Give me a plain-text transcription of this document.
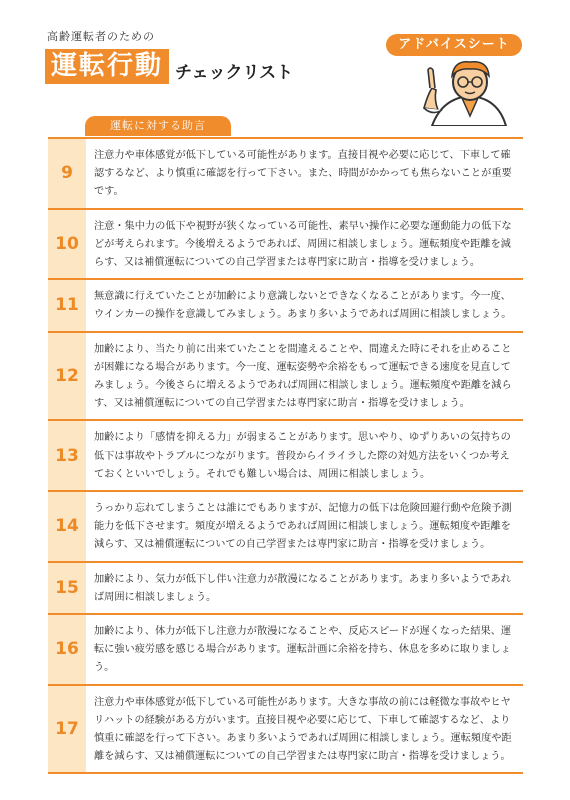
高齢運転者のための
運転行動 チェックリスト
アドバイスシート
運転に対する助言
9
注意力や車体感覚が低下している可能性があります。直接目視や必要に応じて、下車して確認するなど、より慎重に確認を行って下さい。また、時間がかかっても焦らないことが重要です。
10
注意・集中力の低下や視野が狭くなっている可能性、素早い操作に必要な運動能力の低下などが考えられます。今後増えるようであれば、周囲に相談しましょう。運転頻度や距離を減らす、又は補償運転についての自己学習または専門家に助言・指導を受けましょう。
11	無意識に行えていたことが加齢により意識しないとできなくなることがあります。今一度、ウインカーの操作を意識してみましょう。あまり多いようであれば周囲に相談しましょう。
12
加齢により、当たり前に出来ていたことを間違えることや、間違えた時にそれを止めることが困難になる場合があります。今一度、運転姿勢や余裕をもって運転できる速度を見直してみましょう。今後さらに増えるようであれば周囲に相談しましょう。運転頻度や距離を減らす、又は補償運転についての自己学習または専門家に助言・指導を受けましょう。
13
加齢により「感情を抑える力」が弱まることがあります。思いやり、ゆずりあいの気持ちの低下は事故やトラブルにつながります。普段からイライラした際の対処方法をいくつか考えておくといいでしょう。それでも難しい場合は、周囲に相談しましょう。
14
うっかり忘れてしまうことは誰にでもありますが、記憶力の低下は危険回避行動や危険予測能力を低下させます。頻度が増えるようであれば周囲に相談しましょう。運転頻度や距離を減らす、又は補償運転についての自己学習または専門家に助言・指導を受けましょう。
15	加齢により、気力が低下し伴い注意力が散漫になることがあります。あまり多いようであれば周囲に相談しましょう。
16
加齢により、体力が低下し注意力が散漫になることや、反応スピードが遅くなった結果、運転に強い疲労感を感じる場合があります。運転計画に余裕を持ち、休息を多めに取りましょう。
17
注意力や車体感覚が低下している可能性があります。大きな事故の前には軽微な事故やヒヤリハットの経験がある方がいます。直接目視や必要に応じて、下車して確認するなど、より慎重に確認を行って下さい。あまり多いようであれば周囲に相談しましょう。運転頻度や距離を減らす、又は補償運転についての自己学習または専門家に助言・指導を受けましょう。
